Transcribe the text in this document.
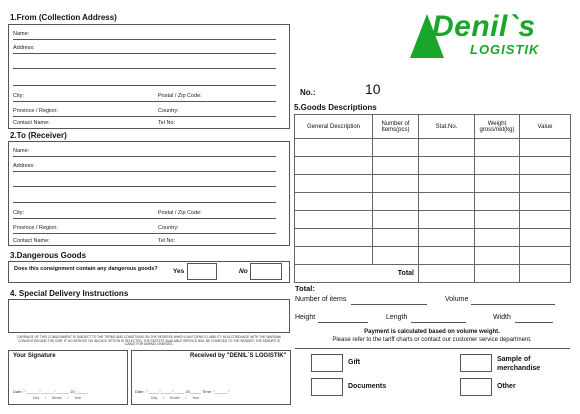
1.From (Collection Address)
Name:
Address:
City:	Postal / Zip Code:
Province / Region:	Country:
Contact Name:	Tel No:
2.To (Receiver)
Name:
Address:
City:	Postal / Zip Code:
Province / Region:	Country:
Contact Name:	Tel No:
3.Dangerous Goods
Does this consignment contain any dangerous goods? Yes	No
4. Special Delivery Instructions
CARRIAGE OF THIS CONSIGNMENT IS SUBJECT TO THE TERMS AND CONDITIONS ON THE REVERSE WHICH LIMIT DENIL'S LIABILITY IN ACCORDANCE WITH THE WARSAW CONVENTION AND THE CMR. IF NO SERVICE OR INVOICE OPTION IS SELECTED, THE FASTEST AVAILABLE SERVICE WILL BE CHARGED TO THE SENDER. THE SENDER IS LIABLE FOR UNPAID CHARGES.
Your Signature
Date : "______"______"______ 20______
Day      /      Month      /      Year
Received by "DENIL`S LOGISTIK"
Date : "_____"_____"_____ 20_____ Time: "______"
Day      /      Month      /      Year
Denil`s
LOGISTIK
No.:	10
5.Goods Descriptions
General Description	Number of Items(pcs)	Stat.No.	Weight gross/net(kg)	Value

Total				
Total:
Number of items	Volume
Height	Length	Width
Payment is calculated based on volume weight.
Please refer to the tariff charts or contact our customer service department.
Gift	Sample of merchandise
Documents	Other
